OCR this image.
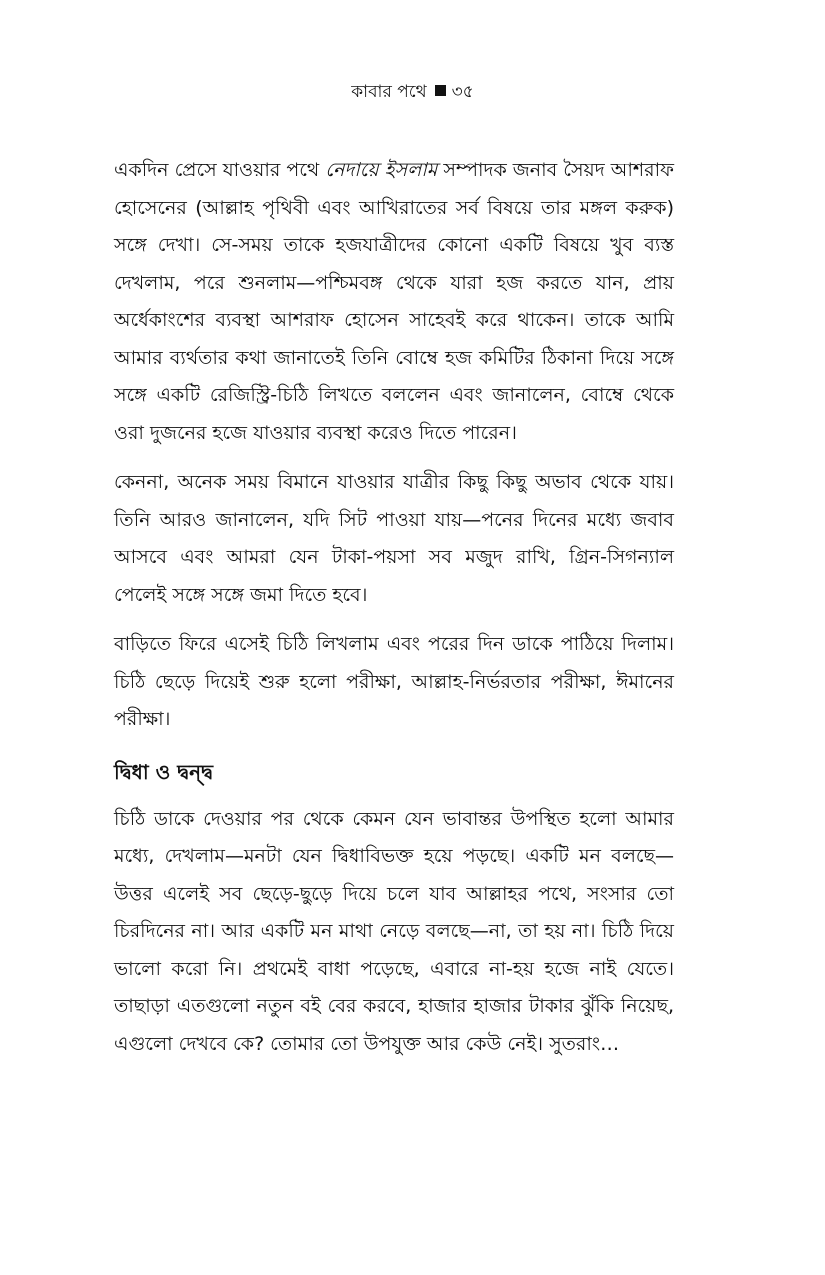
কাবার পথে ৩৫

একদিন প্রেসে যাওয়ার পথে নেদায়ে ইসলাম সম্পাদক জনাব সৈয়দ আশরাফ হোসেনের (আল্লাহ পৃথিবী এবং আখিরাতের সর্ব বিষয়ে তার মঙ্গল করুক) সঙ্গে দেখা। সে-সময় তাকে হজযাত্রীদের কোনো একটি বিষয়ে খুব ব্যস্ত দেখলাম, পরে শুনলাম—পশ্চিমবঙ্গ থেকে যারা হজ করতে যান, প্রায় অর্ধেকাংশের ব্যবস্থা আশরাফ হোসেন সাহেবই করে থাকেন। তাকে আমি আমার ব্যর্থতার কথা জানাতেই তিনি বোম্বে হজ কমিটির ঠিকানা দিয়ে সঙ্গে সঙ্গে একটি রেজিস্ট্রি-চিঠি লিখতে বললেন এবং জানালেন, বোম্বে থেকে ওরা দুজনের হজে যাওয়ার ব্যবস্থা করেও দিতে পারেন।

কেননা, অনেক সময় বিমানে যাওয়ার যাত্রীর কিছু কিছু অভাব থেকে যায়। তিনি আরও জানালেন, যদি সিট পাওয়া যায়—পনের দিনের মধ্যে জবাব আসবে এবং আমরা যেন টাকা-পয়সা সব মজুদ রাখি, গ্রিন-সিগন্যাল পেলেই সঙ্গে সঙ্গে জমা দিতে হবে।

বাড়িতে ফিরে এসেই চিঠি লিখলাম এবং পরের দিন ডাকে পাঠিয়ে দিলাম। চিঠি ছেড়ে দিয়েই শুরু হলো পরীক্ষা, আল্লাহ-নির্ভরতার পরীক্ষা, ঈমানের পরীক্ষা।

দ্বিধা ও দ্বন্দ্ব

চিঠি ডাকে দেওয়ার পর থেকে কেমন যেন ভাবান্তর উপস্থিত হলো আমার মধ্যে, দেখলাম—মনটা যেন দ্বিধাবিভক্ত হয়ে পড়ছে। একটি মন বলছে—উত্তর এলেই সব ছেড়ে-ছুড়ে দিয়ে চলে যাব আল্লাহর পথে, সংসার তো চিরদিনের না। আর একটি মন মাথা নেড়ে বলছে—না, তা হয় না। চিঠি দিয়ে ভালো করো নি। প্রথমেই বাধা পড়েছে, এবারে না-হয় হজে নাই যেতে। তাছাড়া এতগুলো নতুন বই বের করবে, হাজার হাজার টাকার ঝুঁকি নিয়েছ, এগুলো দেখবে কে? তোমার তো উপযুক্ত আর কেউ নেই। সুতরাং…
